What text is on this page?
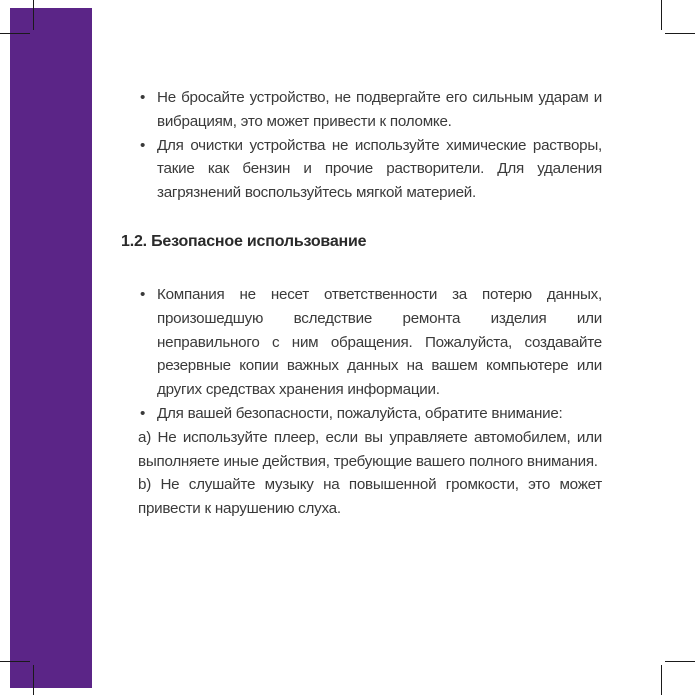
• Не бросайте устройство, не подвергайте его сильным ударам и вибрациям, это может привести к поломке.
• Для очистки устройства не используйте химические растворы, такие как бензин и прочие растворители. Для удаления загрязнений воспользуйтесь мягкой материей.
1.2. Безопасное использование
• Компания не несет ответственности за потерю данных, произошедшую вследствие ремонта изделия или неправильного с ним обращения. Пожалуйста, создавайте резервные копии важных данных на вашем компьютере или других средствах хранения информации.
• Для вашей безопасности, пожалуйста, обратите внимание:
a) Не используйте плеер, если вы управляете автомобилем, или выполняете иные действия, требующие вашего полного внимания.
b) Не слушайте музыку на повышенной громкости, это может привести к нарушению слуха.
